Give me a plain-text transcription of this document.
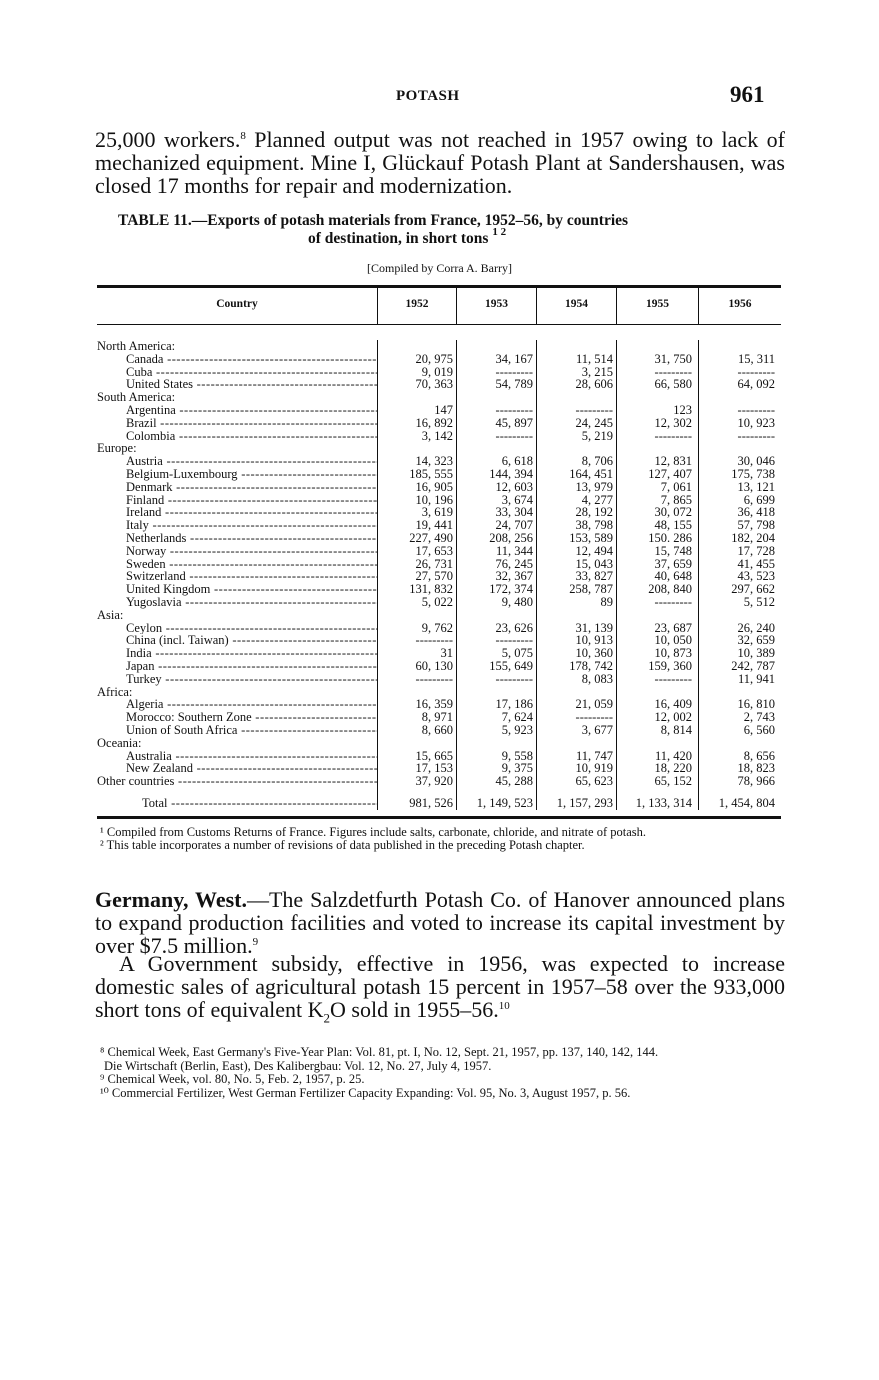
POTASH	961

25,000 workers.$^8$ Planned output was not reached in 1957 owing to lack of mechanized equipment. Mine I, Glückauf Potash Plant at Sandershausen, was closed 17 months for repair and modernization.

TABLE 11.—Exports of potash materials from France, 1952–56, by countries
of destination, in short tons $^{1 2}$
[Compiled by Corra A. Barry]
Country	1952	1953	1954	1955	1956
North America:
Canada -----	20, 975	34, 167	11, 514	31, 750	15, 311
Cuba -----	9, 019	---------	3, 215	---------	---------
United States -----	70, 363	54, 789	28, 606	66, 580	64, 092
South America:
Argentina -----	147	---------	---------	123	---------
Brazil -----	16, 892	45, 897	24, 245	12, 302	10, 923
Colombia -----	3, 142	---------	5, 219	---------	---------
Europe:
Austria -----	14, 323	6, 618	8, 706	12, 831	30, 046
Belgium-Luxembourg -----	185, 555	144, 394	164, 451	127, 407	175, 738
Denmark -----	16, 905	12, 603	13, 979	7, 061	13, 121
Finland -----	10, 196	3, 674	4, 277	7, 865	6, 699
Ireland -----	3, 619	33, 304	28, 192	30, 072	36, 418
Italy -----	19, 441	24, 707	38, 798	48, 155	57, 798
Netherlands -----	227, 490	208, 256	153, 589	150. 286	182, 204
Norway -----	17, 653	11, 344	12, 494	15, 748	17, 728
Sweden -----	26, 731	76, 245	15, 043	37, 659	41, 455
Switzerland -----	27, 570	32, 367	33, 827	40, 648	43, 523
United Kingdom -----	131, 832	172, 374	258, 787	208, 840	297, 662
Yugoslavia -----	5, 022	9, 480	89	---------	5, 512
Asia:
Ceylon -----	9, 762	23, 626	31, 139	23, 687	26, 240
China (incl. Taiwan) -----	---------	---------	10, 913	10, 050	32, 659
India -----	31	5, 075	10, 360	10, 873	10, 389
Japan -----	60, 130	155, 649	178, 742	159, 360	242, 787
Turkey -----	---------	---------	8, 083	---------	11, 941
Africa:
Algeria -----	16, 359	17, 186	21, 059	16, 409	16, 810
Morocco: Southern Zone -----	8, 971	7, 624	---------	12, 002	2, 743
Union of South Africa -----	8, 660	5, 923	3, 677	8, 814	6, 560
Oceania:
Australia -----	15, 665	9, 558	11, 747	11, 420	8, 656
New Zealand -----	17, 153	9, 375	10, 919	18, 220	18, 823
Other countries -----	37, 920	45, 288	65, 623	65, 152	78, 966
Total -----	981, 526	1, 149, 523	1, 157, 293	1, 133, 314	1, 454, 804

¹ Compiled from Customs Returns of France. Figures include salts, carbonate, chloride, and nitrate of potash.

² This table incorporates a number of revisions of data published in the preceding Potash chapter.

Germany, West.—The Salzdetfurth Potash Co. of Hanover announced plans to expand production facilities and voted to increase its capital investment by over $7.5 million.$^9$

A Government subsidy, effective in 1956, was expected to increase domestic sales of agricultural potash 15 percent in 1957–58 over the 933,000 short tons of equivalent $K_2O$ sold in 1955–56.10

⁸ Chemical Week, East Germany's Five-Year Plan: Vol. 81, pt. I, No. 12, Sept. 21, 1957, pp. 137, 140, 142, 144.

Die Wirtschaft (Berlin, East), Des Kalibergbau: Vol. 12, No. 27, July 4, 1957.

⁹ Chemical Week, vol. 80, No. 5, Feb. 2, 1957, p. 25.

¹⁰ Commercial Fertilizer, West German Fertilizer Capacity Expanding: Vol. 95, No. 3, August 1957, p. 56.
